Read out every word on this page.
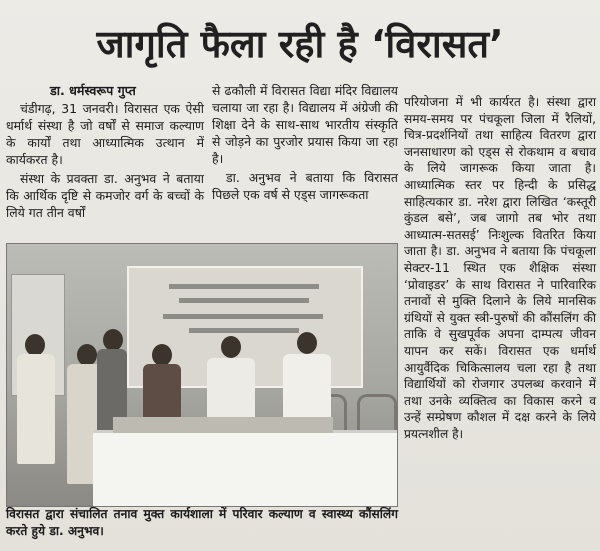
जागृति फैला रही है ‘विरासत’
डा. धर्मस्वरूप गुप्त

चंडीगढ़, 31 जनवरी। विरासत एक ऐसी धर्मार्थ संस्था है जो वर्षों से समाज कल्याण के कार्यों तथा आध्यात्मिक उत्थान में कार्यकरत है।

संस्था के प्रवक्ता डा. अनुभव ने बताया कि आर्थिक दृष्टि से कमजोर वर्ग के बच्चों के लिये गत तीन वर्षों

से ढकौली में विरासत विद्या मंदिर विद्यालय चलाया जा रहा है। विद्यालय में अंग्रेजी की शिक्षा देने के साथ-साथ भारतीय संस्कृति से जोड़ने का पुरजोर प्रयास किया जा रहा है।

डा. अनुभव ने बताया कि विरासत पिछले एक वर्ष से एड्स जागरूकता

परियोजना में भी कार्यरत है। संस्था द्वारा समय-समय पर पंचकूला जिला में रैलियों, चित्र-प्रदर्शनियों तथा साहित्य वितरण द्वारा जनसाधारण को एड्स से रोकथाम व बचाव के लिये जागरूक किया जाता है। आध्यात्मिक स्तर पर हिन्दी के प्रसिद्ध साहित्यकार डा. नरेश द्वारा लिखित ‘कस्तूरी कुंडल बसे’, जब जागो तब भोर तथा आध्यात्म-सतसई’ निःशुल्क वितरित किया जाता है। डा. अनुभव ने बताया कि पंचकूला सेक्टर-11 स्थित एक शैक्षिक संस्था ‘प्रोवाइडर’ के साथ विरासत ने पारिवारिक तनावों से मुक्ति दिलाने के लिये मानसिक ग्रंथियों से युक्त स्त्री-पुरुषों की कौंसलिंग की ताकि वे सुखपूर्वक अपना दाम्पत्य जीवन यापन कर सकें। विरासत एक धर्मार्थ आयुर्वैदिक चिकित्सालय चला रहा है तथा विद्यार्थियों को रोजगार उपलब्ध करवाने में तथा उनके व्यक्तित्व का विकास करने व उन्हें सम्प्रेषण कौशल में दक्ष करने के लिये प्रयत्नशील है।

विरासत द्वारा संचालित तनाव मुक्त कार्यशाला में परिवार कल्याण व स्वास्थ्य कौंसलिंग करते हुये डा. अनुभव।
